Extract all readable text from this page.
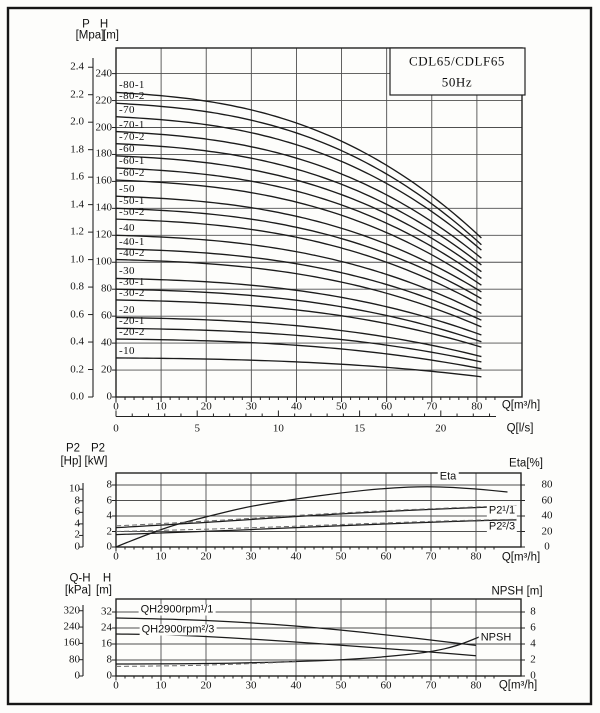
P H
[Mpa]
[m]
CDL65/CDLF65
50Hz
Q[m³/h]
Q[l/s]
P2 P2
[Hp] [kW]	Eta[%]
Q[m³/h]
Eta
P2¹/1
P2²/3
Q-H H
[kPa] [m]	NPSH [m]
Q[m³/h]
QH2900rpm¹/1
QH2900rpm²/3
NPSH
-80-1
-80-2
-70
-70-1
-70-2
-60
-60-1
-60-2
-50
-50-1
-50-2
-40
-40-1
-40-2
-30
-30-1
-30-2
-20
-20-1
-20-2
-10
2.4
2.2
2.0
1.8
1.6
1.4
1.2
1.0
0.8
0.6
0.4
0.2
0.0
240
220
200
180
160
140
120
100
80
60
40
20
0
0	10	20	30	40	50	60	70	80
0	5	10	15	20
10
8
6
4
2
0
8
6
4
2
0
80
60
40
20
0
0	10	20	30	40	50	60	70	80
320
240
160
80
0
32
24
16
8
0
8
6
4
2
0
0	10	20	30	40	50	60	70	80
